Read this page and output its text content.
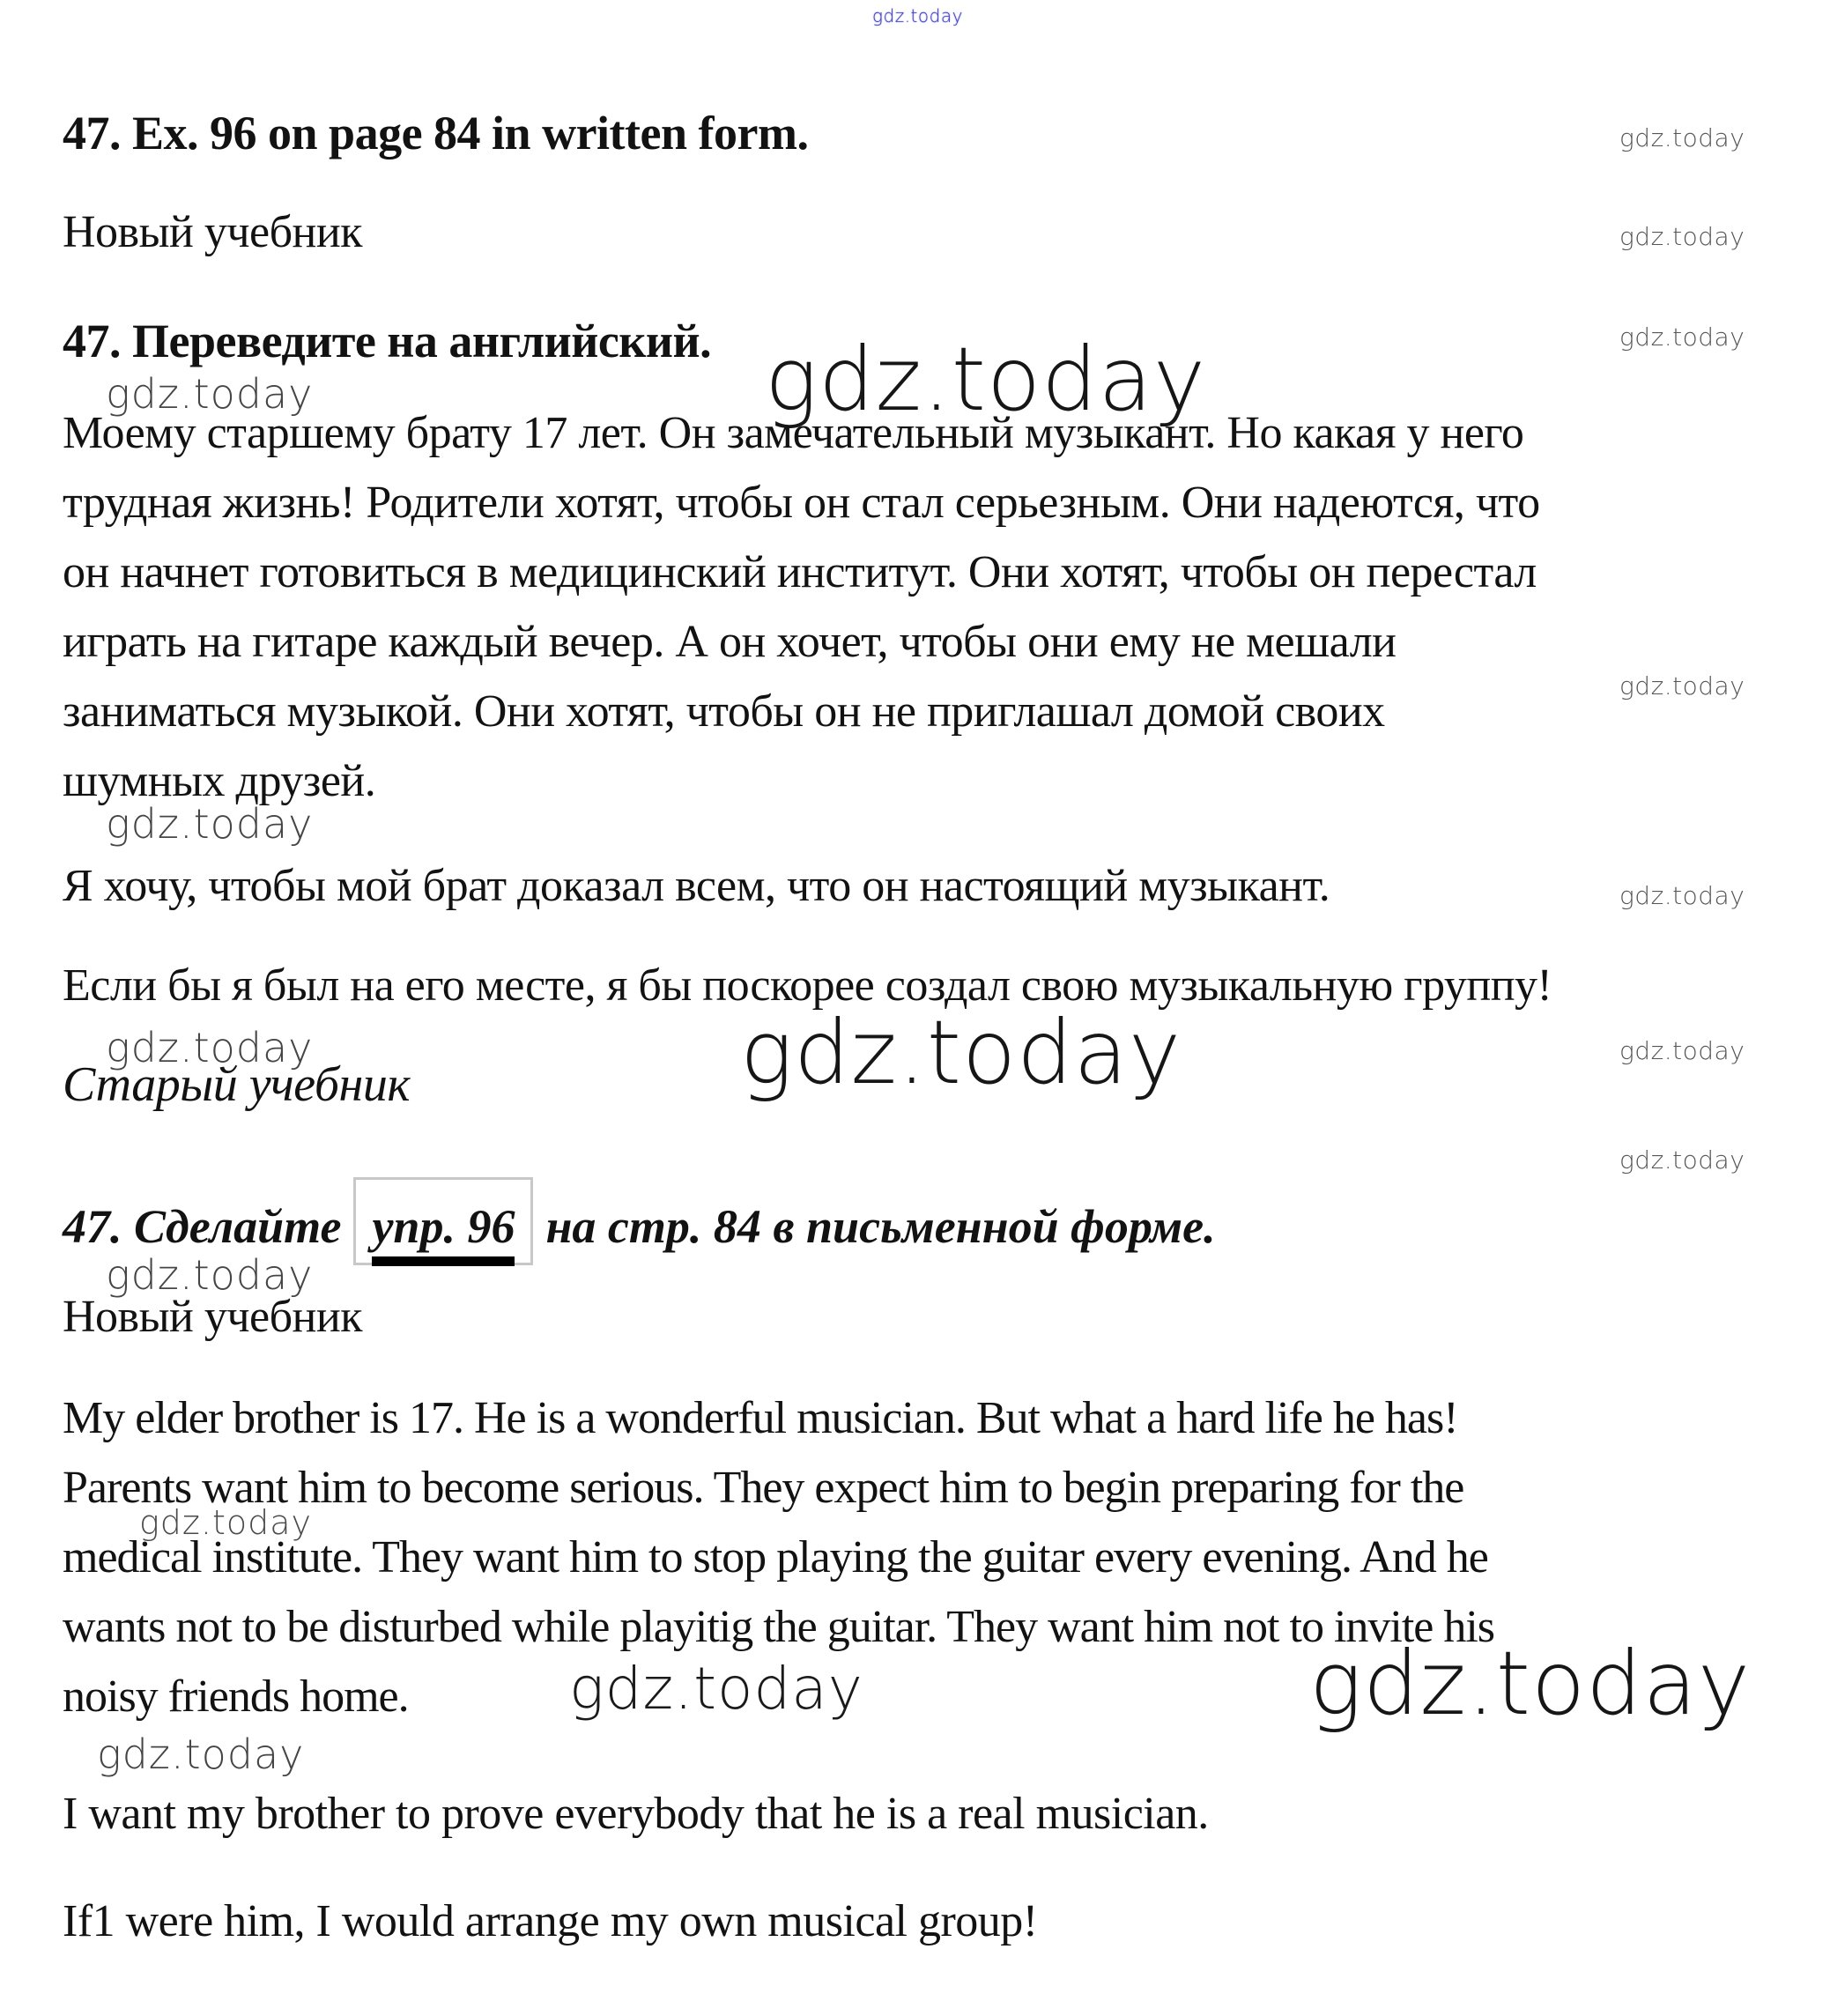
gdz.today
gdz.today
gdz.today
gdz.today
gdz.today
gdz.today
gdz.today
gdz.today
gdz.today
gdz.today
gdz.today
gdz.today
gdz.today
gdz.today
gdz.today
gdz.today
gdz.today	gdz.today
47. Ex. 96 on page 84 in written form.
Новый учебник
47. Переведите на английский.
Моему старшему брату 17 лет. Он замечательный музыкант. Но какая у него
трудная жизнь! Родители хотят, чтобы он стал серьезным. Они надеются, что
он начнет готовиться в медицинский институт. Они хотят, чтобы он перестал
играть на гитаре каждый вечер. А он хочет, чтобы они ему не мешали
заниматься музыкой. Они хотят, чтобы он не приглашал домой своих
шумных друзей.
Я хочу, чтобы мой брат доказал всем, что он настоящий музыкант.
Если бы я был на его месте, я бы поскорее создал свою музыкальную группу!
Старый учебник
47. Сделайте упр. 96 на стр. 84 в письменной форме.
Новый учебник
My elder brother is 17. He is a wonderful musician. But what a hard life he has!
Parents want him to become serious. They expect him to begin preparing for the
medical institute. They want him to stop playing the guitar every evening. And he
wants not to be disturbed while playitig the guitar. They want him not to invite his
noisy friends home.
I want my brother to prove everybody that he is a real musician.
If1 were him, I would arrange my own musical group!
